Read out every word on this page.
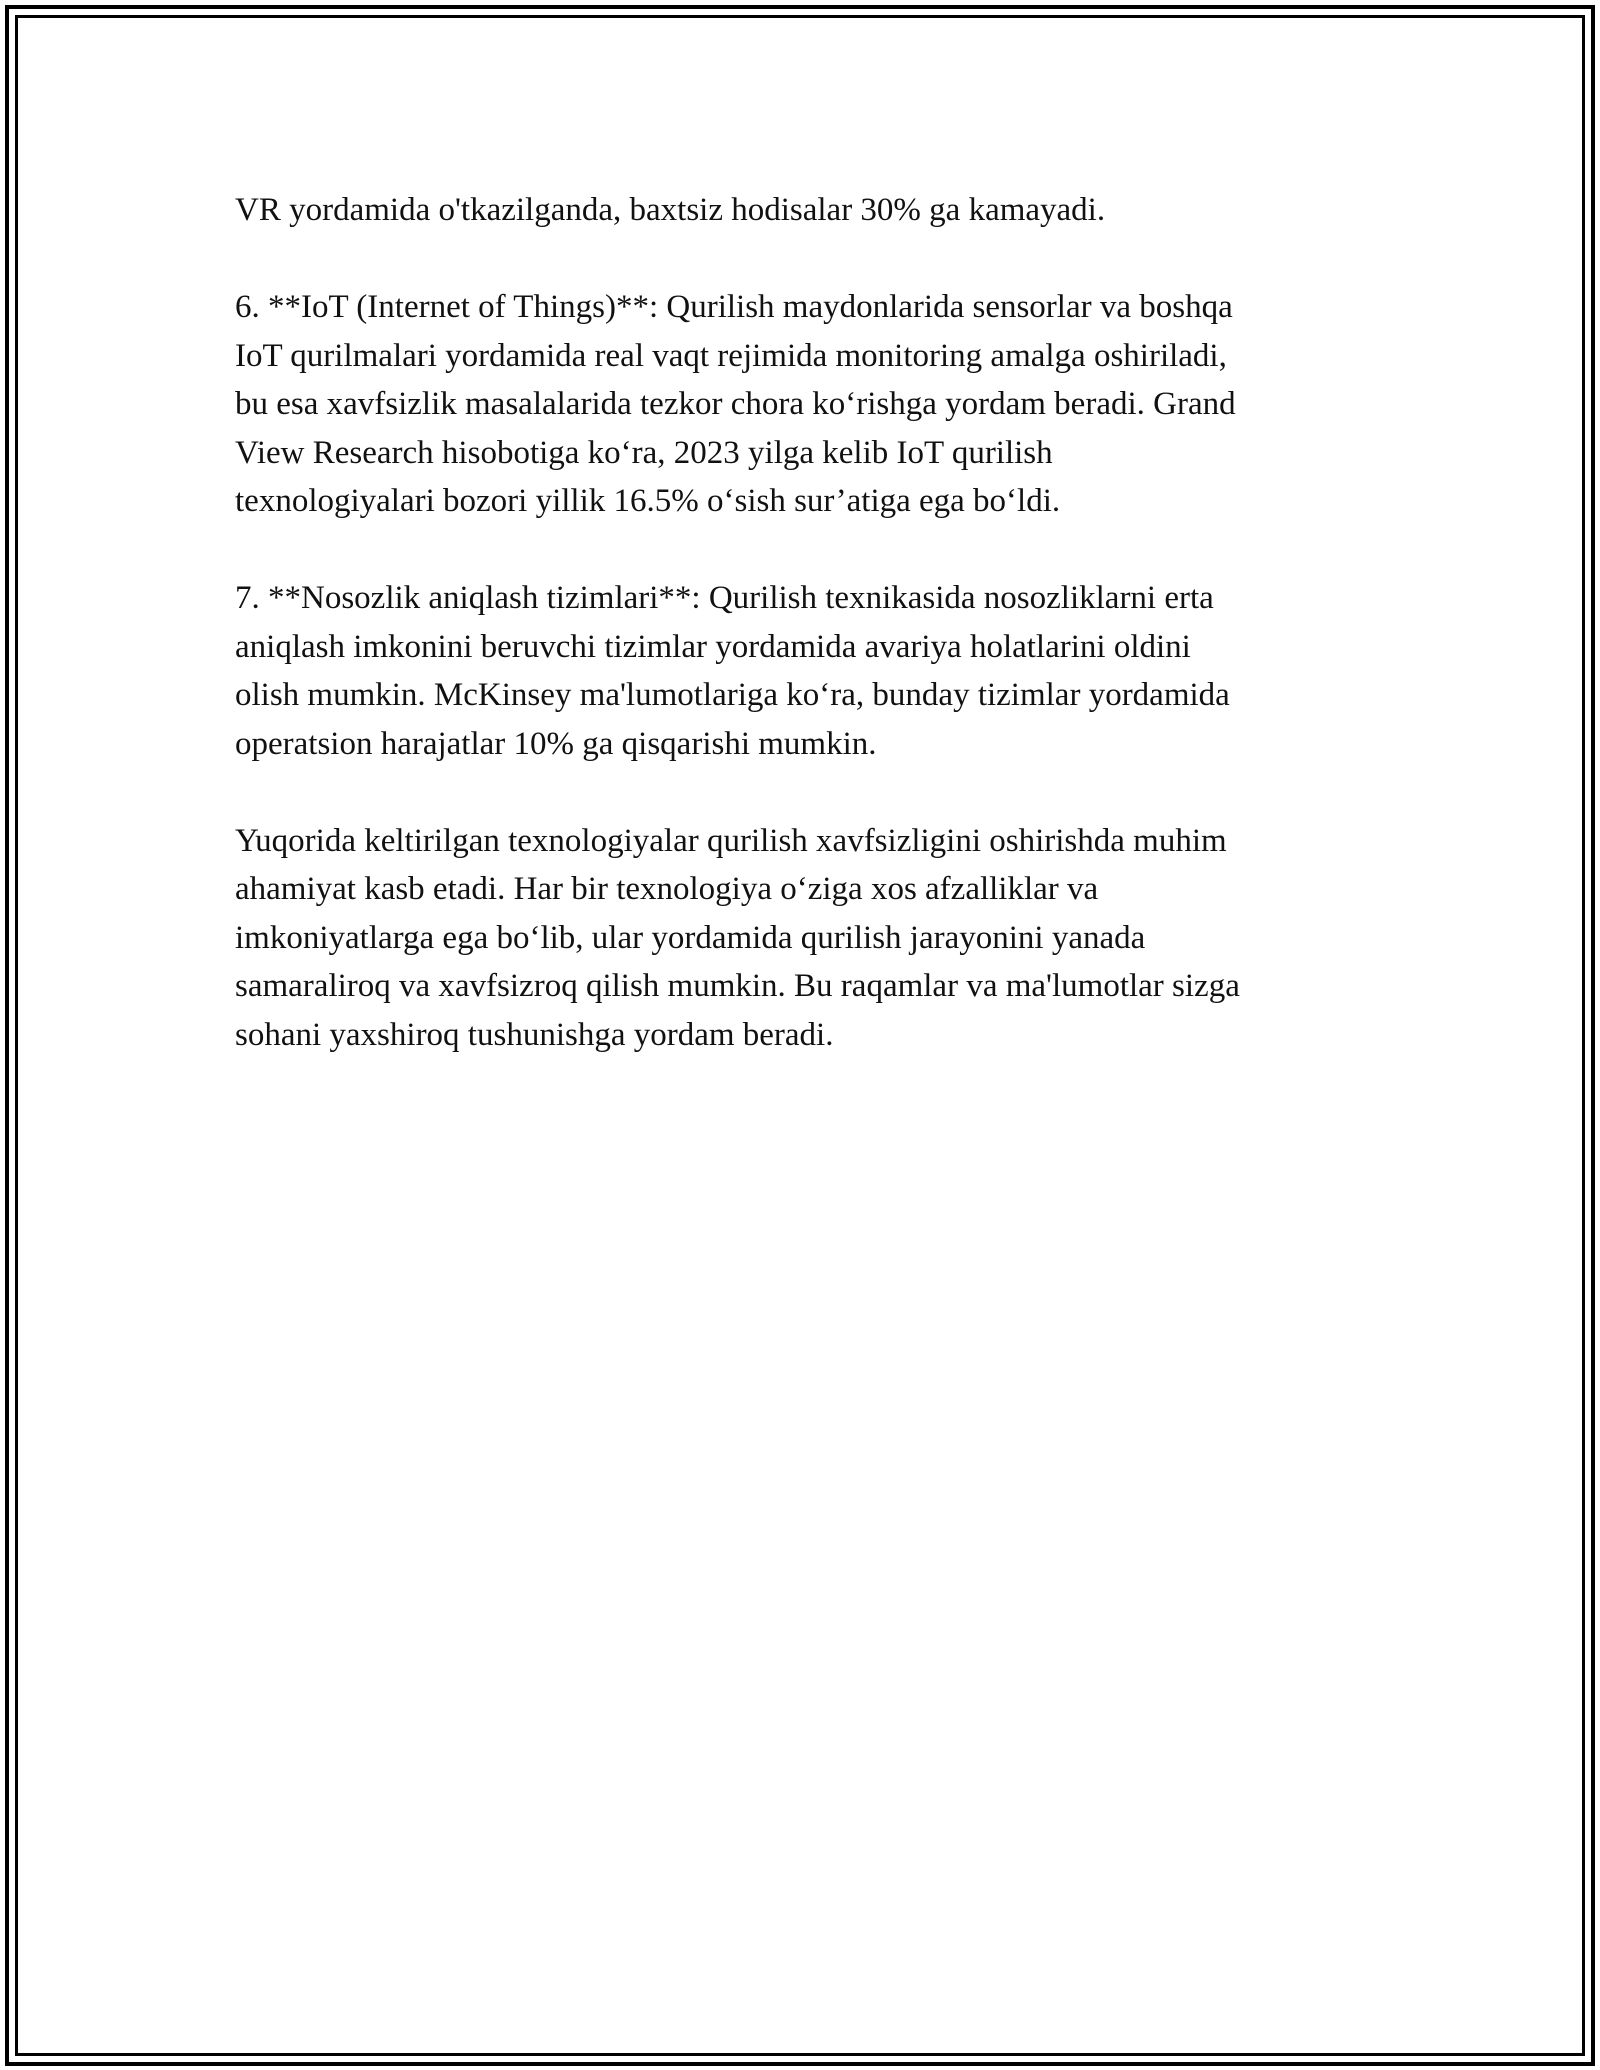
VR yordamida o'tkazilganda, baxtsiz hodisalar 30% ga kamayadi.

6. **IoT (Internet of Things)**: Qurilish maydonlarida sensorlar va boshqa
IoT qurilmalari yordamida real vaqt rejimida monitoring amalga oshiriladi,
bu esa xavfsizlik masalalarida tezkor chora ko‘rishga yordam beradi. Grand
View Research hisobotiga ko‘ra, 2023 yilga kelib IoT qurilish
texnologiyalari bozori yillik 16.5% o‘sish sur’atiga ega bo‘ldi.

7. **Nosozlik aniqlash tizimlari**: Qurilish texnikasida nosozliklarni erta
aniqlash imkonini beruvchi tizimlar yordamida avariya holatlarini oldini
olish mumkin. McKinsey ma'lumotlariga ko‘ra, bunday tizimlar yordamida
operatsion harajatlar 10% ga qisqarishi mumkin.

Yuqorida keltirilgan texnologiyalar qurilish xavfsizligini oshirishda muhim
ahamiyat kasb etadi. Har bir texnologiya o‘ziga xos afzalliklar va
imkoniyatlarga ega bo‘lib, ular yordamida qurilish jarayonini yanada
samaraliroq va xavfsizroq qilish mumkin. Bu raqamlar va ma'lumotlar sizga
sohani yaxshiroq tushunishga yordam beradi.
